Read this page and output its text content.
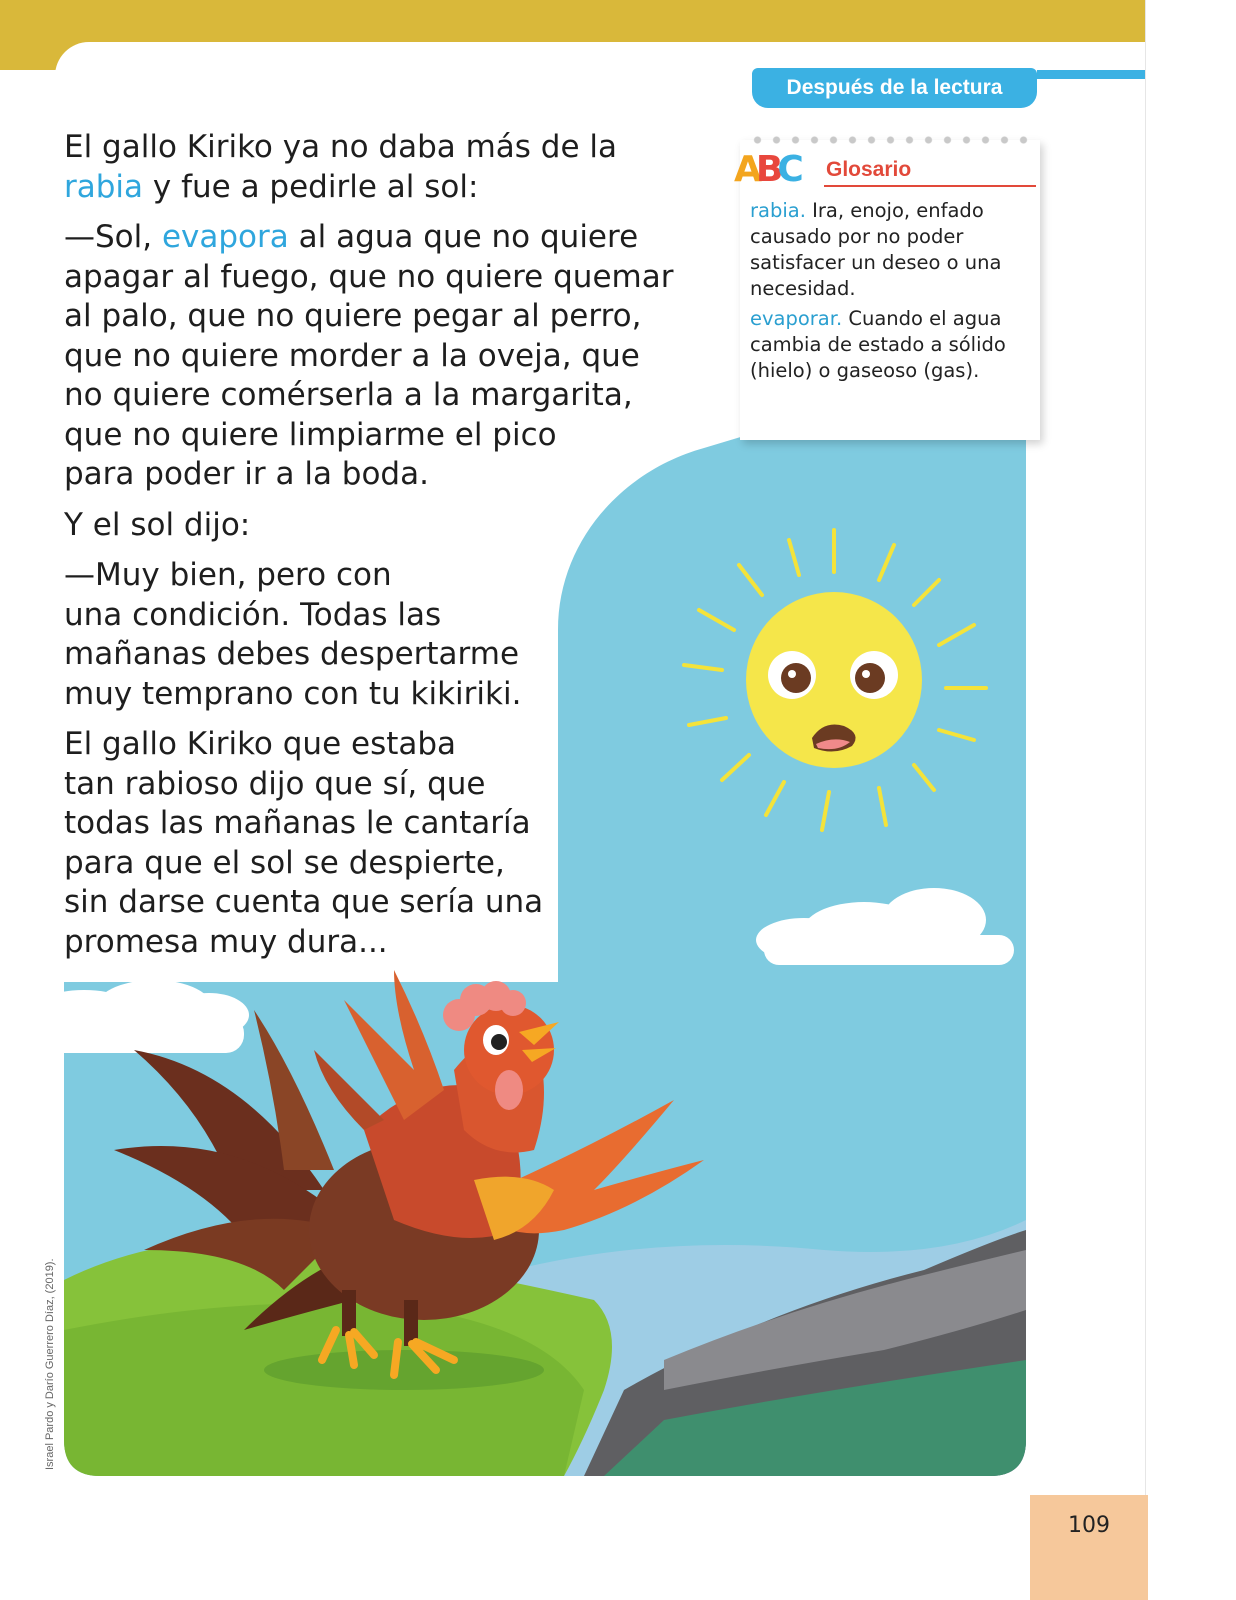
Después de la lectura

El gallo Kiriko ya no daba más de la
rabia y fue a pedirle al sol:

—Sol, evapora al agua que no quiere
apagar al fuego, que no quiere quemar
al palo, que no quiere pegar al perro,
que no quiere morder a la oveja, que
no quiere comérserla a la margarita,
que no quiere limpiarme el pico
para poder ir a la boda.

Y el sol dijo:

—Muy bien, pero con
una condición. Todas las
mañanas debes despertarme
muy temprano con tu kikiriki.

El gallo Kiriko que estaba
tan rabioso dijo que sí, que
todas las mañanas le cantaría
para que el sol se despierte,
sin darse cuenta que sería una
promesa muy dura...

ABC Glosario

rabia. Ira, enojo, enfado causado por no poder satisfacer un deseo o una necesidad.

evaporar. Cuando el agua cambia de estado a sólido (hielo) o gaseoso (gas).

Israel Pardo y Darío Guerrero Díaz, (2019).
109
